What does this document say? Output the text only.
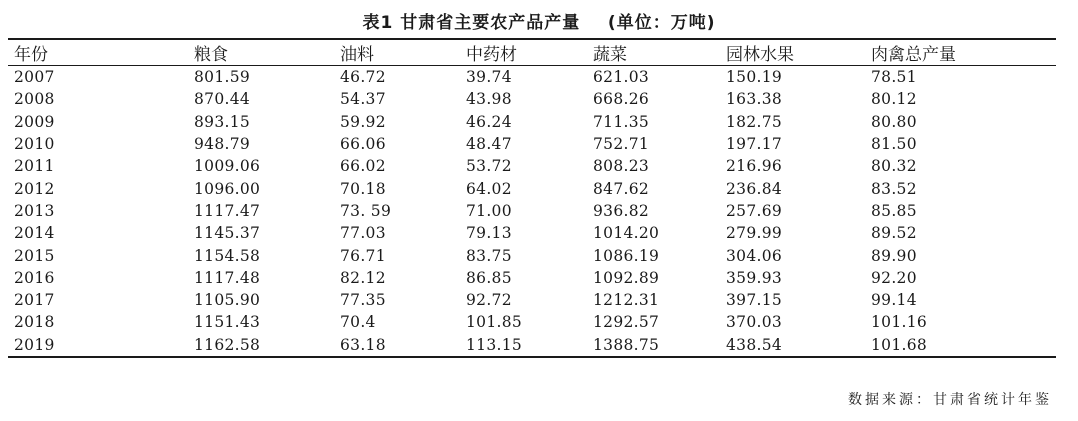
表1 甘肃省主要农产品产量    (单位：万吨)
年份	粮食	油料	中药材	蔬菜	园林水果	肉禽总产量
2007	801.59	46.72	39.74	621.03	150.19	78.51
2008	870.44	54.37	43.98	668.26	163.38	80.12
2009	893.15	59.92	46.24	711.35	182.75	80.80
2010	948.79	66.06	48.47	752.71	197.17	81.50
2011	1009.06	66.02	53.72	808.23	216.96	80.32
2012	1096.00	70.18	64.02	847.62	236.84	83.52
2013	1117.47	73. 59	71.00	936.82	257.69	85.85
2014	1145.37	77.03	79.13	1014.20	279.99	89.52
2015	1154.58	76.71	83.75	1086.19	304.06	89.90
2016	1117.48	82.12	86.85	1092.89	359.93	92.20
2017	1105.90	77.35	92.72	1212.31	397.15	99.14
2018	1151.43	70.4	101.85	1292.57	370.03	101.16
2019	1162.58	63.18	113.15	1388.75	438.54	101.68
数据来源：甘肃省统计年鉴
